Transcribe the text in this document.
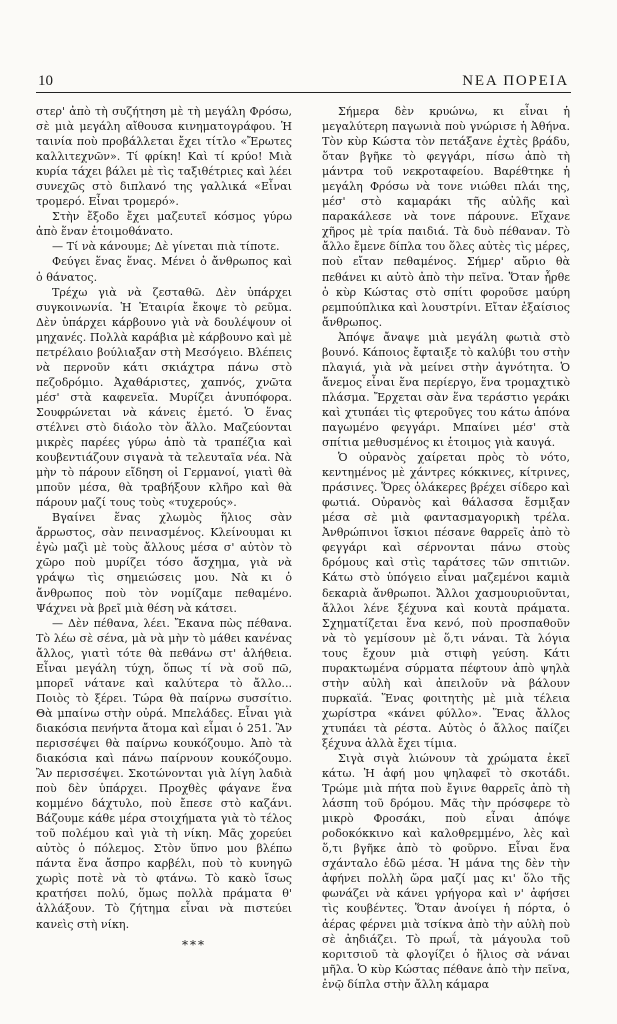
10	ΝΕΑ ΠΟΡΕΙΑ

στερ' ἀπὸ τὴ συζήτηση μὲ τὴ μεγάλη Φρόσω, σὲ μιὰ μεγάλη αἴθουσα κινηματογράφου. Ἡ ταινία ποὺ προβάλλεται ἔχει τίτλο «Ἔρωτες καλλιτεχνῶν». Τί φρίκη! Καὶ τί κρύο! Μιὰ κυρία τάχει βάλει μὲ τὶς ταξιθέτριες καὶ λέει συνεχῶς στὸ διπλανό της γαλλικά «Εἶναι τρομερό. Εἶναι τρομερό».

Στὴν ἔξοδο ἔχει μαζευτεῖ κόσμος γύρω ἀπὸ ἕναν ἑτοιμοθάνατο.

— Τί νὰ κάνουμε; Δὲ γίνεται πιὰ τίποτε.

Φεύγει ἕνας ἕνας. Μένει ὁ ἄνθρωπος καὶ ὁ θάνατος.

Τρέχω γιὰ νὰ ζεσταθῶ. Δὲν ὑπάρχει συγκοινωνία. Ἡ Ἑταιρία ἔκοψε τὸ ρεῦμα. Δὲν ὑπάρχει κάρβουνο γιὰ νὰ δουλέψουν οἱ μηχανές. Πολλὰ καράβια μὲ κάρβουνο καὶ μὲ πετρέλαιο βούλιαξαν στὴ Μεσόγειο. Βλέπεις νὰ περνοῦν κάτι σκιάχτρα πάνω στὸ πεζοδρόμιο. Ἀχαθάριστες, χαπνός, χνῶτα μέσ' στὰ καφενεῖα. Μυρίζει ἀνυπόφορα. Σουφρώνεται νὰ κάνεις ἐμετό. Ὁ ἕνας στέλνει στὸ διάολο τὸν ἄλλο. Μαζεύονται μικρὲς παρέες γύρω ἀπὸ τὰ τραπέζια καὶ κουβεντιάζουν σιγανὰ τὰ τελευταῖα νέα. Νὰ μὴν τὸ πάρουν εἴδηση οἱ Γερμανοί, γιατὶ θὰ μποῦν μέσα, θὰ τραβήξουν κλῆρο καὶ θὰ πάρουν μαζί τους τοὺς «τυχερούς».

Βγαίνει ἕνας χλωμὸς ἥλιος σὰν ἄρρωστος, σὰν πεινασμένος. Κλείνουμαι κι ἐγὼ μαζὶ μὲ τοὺς ἄλλους μέσα σ' αὐτὸν τὸ χῶρο ποὺ μυρίζει τόσο ἄσχημα, γιὰ νὰ γράψω τὶς σημειώσεις μου. Νὰ κι ὁ ἄνθρωπος ποὺ τὸν νομίζαμε πεθαμένο. Ψάχνει νὰ βρεῖ μιὰ θέση νὰ κάτσει.

— Δὲν πέθανα, λέει. Ἔκανα πὼς πέθανα. Τὸ λέω σὲ σένα, μὰ νὰ μὴν τὸ μάθει κανένας ἄλλος, γιατὶ τότε θὰ πεθάνω στ' ἀλήθεια. Εἶναι μεγάλη τύχη, ὅπως τί νὰ σοῦ πῶ, μπορεῖ νάτανε καὶ καλύτερα τὸ ἄλλο... Ποιὸς τὸ ξέρει. Τώρα θὰ παίρνω συσσίτιο. Θὰ μπαίνω στὴν οὐρά. Μπελάδες. Εἶναι γιὰ διακόσια πενήντα ἄτομα καὶ εἶμαι ὁ 251. Ἂν περισσέψει θὰ παίρνω κουκόζουμο. Ἀπὸ τὰ διακόσια καὶ πάνω παίρνουν κουκόζουμο. Ἂν περισσέψει. Σκοτώνονται γιὰ λίγη λαδιὰ ποὺ δὲν ὑπάρχει. Προχθὲς φάγανε ἕνα κομμένο δάχτυλο, ποὺ ἔπεσε στὸ καζάνι. Βάζουμε κάθε μέρα στοιχήματα γιὰ τὸ τέλος τοῦ πολέμου καὶ γιὰ τὴ νίκη. Μᾶς χορεύει αὐτὸς ὁ πόλεμος. Στὸν ὕπνο μου βλέπω πάντα ἕνα ἄσπρο καρβέλι, ποὺ τὸ κυνηγῶ χωρὶς ποτὲ νὰ τὸ φτάνω. Τὸ κακὸ ἴσως κρατήσει πολύ, ὅμως πολλὰ πράματα θ' ἀλλάξουν. Τὸ ζήτημα εἶναι νὰ πιστεύει κανεὶς στὴ νίκη.

***

Σήμερα δὲν κρυώνω, κι εἶναι ἡ μεγαλύτερη παγωνιὰ ποὺ γνώρισε ἡ Ἀθήνα. Τὸν κὺρ Κώστα τὸν πετάξανε ἐχτὲς βράδυ, ὅταν βγῆκε τὸ φεγγάρι, πίσω ἀπὸ τὴ μάντρα τοῦ νεκροταφείου. Βαρέθτηκε ἡ μεγάλη Φρόσω νὰ τονε νιώθει πλάι της, μέσ' στὸ καμαράκι τῆς αὐλῆς καὶ παρακάλεσε νὰ τονε πάρουνε. Εἴχανε χῆρος μὲ τρία παιδιά. Τὰ δυὸ πέθαναν. Τὸ ἄλλο ἔμενε δίπλα του ὅλες αὐτὲς τὶς μέρες, ποὺ εἴταν πεθαμένος. Σήμερ' αὔριο θὰ πεθάνει κι αὐτὸ ἀπὸ τὴν πεῖνα. Ὅταν ἦρθε ὁ κὺρ Κώστας στὸ σπίτι φοροῦσε μαύρη ρεμπούπλικα καὶ λουστρίνι. Εἴταν ἐξαίσιος ἄνθρωπος.

Ἀπόψε ἄναψε μιὰ μεγάλη φωτιὰ στὸ βουνό. Κάποιος ἔφταιξε τὸ καλύβι του στὴν πλαγιά, γιὰ νὰ μείνει στὴν ἀγνότητα. Ὁ ἄνεμος εἶναι ἕνα περίεργο, ἕνα τρομαχτικὸ πλάσμα. Ἔρχεται σὰν ἕνα τεράστιο γεράκι καὶ χτυπάει τὶς φτεροῦγες του κάτω ἀπόνα παγωμένο φεγγάρι. Μπαίνει μέσ' στὰ σπίτια μεθυσμένος κι ἑτοιμος γιὰ καυγά.

Ὁ οὐρανὸς χαίρεται πρὸς τὸ νότο, κεντημένος μὲ χάντρες κόκκινες, κίτρινες, πράσινες. Ὅρες ὁλάκερες βρέχει σίδερο καὶ φωτιά. Οὐρανὸς καὶ θάλασσα ἔσμιξαν μέσα σὲ μιὰ φαντασμαγορικὴ τρέλα. Ἀνθρώπινοι ἴσκιοι πέσανε θαρρεῖς ἀπὸ τὸ φεγγάρι καὶ σέρνονται πάνω στοὺς δρόμους καὶ στὶς ταράτσες τῶν σπιτιῶν. Κάτω στὸ ὑπόγειο εἶναι μαζεμένοι καμιὰ δεκαριὰ ἄνθρωποι. Ἄλλοι χασμουριοῦνται, ἄλλοι λένε ξέχυνα καὶ κουτὰ πράματα. Σχηματίζεται ἕνα κενό, ποὺ προσπαθοῦν νὰ τὸ γεμίσουν μὲ ὅ,τι νάναι. Τὰ λόγια τους ἔχουν μιὰ στιφὴ γεύση. Κάτι πυρακτωμένα σύρματα πέφτουν ἀπὸ ψηλὰ στὴν αὐλὴ καὶ ἀπειλοῦν νὰ βάλουν πυρκαϊά. Ἕνας φοιτητὴς μὲ μιὰ τέλεια χωρίστρα «κάνει φύλλο». Ἕνας ἄλλος χτυπάει τὰ ρέστα. Αὐτὸς ὁ ἄλλος παίζει ξέχυνα ἀλλὰ ἔχει τίμια.

Σιγὰ σιγὰ λιώνουν τὰ χρώματα ἐκεῖ κάτω. Ἡ ἀφή μου ψηλαφεῖ τὸ σκοτάδι. Τρώμε μιὰ πήτα ποὺ ἔγινε θαρρεῖς ἀπὸ τὴ λάσπη τοῦ δρόμου. Μᾶς τὴν πρόσφερε τὸ μικρὸ Φροσάκι, ποὺ εἶναι ἀπόψε ροδοκόκκινο καὶ καλοθρεμμένο, λὲς καὶ ὅ,τι βγῆκε ἀπὸ τὸ φοῦρνο. Εἶναι ἕνα σχάνταλο ἐδῶ μέσα. Ἡ μάνα της δὲν τὴν ἀφήνει πολλὴ ὥρα μαζί μας κι' ὅλο τῆς φωνάζει νὰ κάνει γρήγορα καὶ ν' ἀφήσει τὶς κουβέντες. Ὅταν ἀνοίγει ἡ πόρτα, ὁ ἀέρας φέρνει μιὰ τσίκνα ἀπὸ τὴν αὐλὴ ποὺ σὲ ἀηδιάζει. Τὸ πρωΐ, τὰ μάγουλα τοῦ κοριτσιοῦ τὰ φλογίζει ὁ ἥλιος σὰ νάναι μῆλα. Ὁ κὺρ Κώστας πέθανε ἀπὸ τὴν πεῖνα, ἐνῷ δίπλα στὴν ἄλλη κάμαρα
